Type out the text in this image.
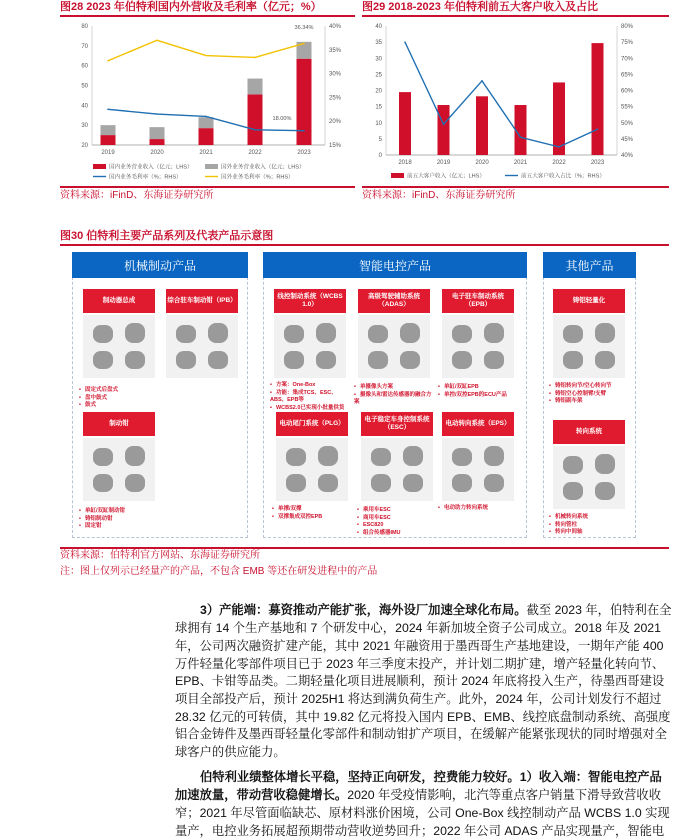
图28 2023 年伯特利国内外营收及毛利率（亿元；%）
20
30
40
50
60
70
80
15%
20%
25%
30%
35%
40%
2019	2020	2021	2022	2023
国内业务营业收入（亿元；LHS）	国外业务营业收入（亿元；LHS）
国内业务毛利率（%；RHS）	国外业务毛利率（%；RHS）
36.34%
18.00%
资料来源：iFinD、东海证券研究所
图29 2018-2023 年伯特利前五大客户收入及占比
0
5
10
15
20
25
30
35
40
40%
45%
50%
55%
60%
65%
70%
75%
80%
2018	2019	2020	2021	2022	2023
前五大客户收入（亿元；LHS）	前五大客户收入占比（%；RHS）
资料来源：iFinD、东海证券研究所
图30 伯特利主要产品系列及代表产品示意图
机械制动产品	智能电控产品	其他产品
制动器总成
• 固定式后盘式
• 盘中鼓式
• 鼓式
综合驻车制动钳（IPB）
制动钳
• 单缸/双缸制动钳
• 铸铝制动钳
• 固定钳
线控制动系统（WCBS 1.0）
• 方案：One-Box
• 功能：集成TCS、ESC、ABS、EPB等
• WCBS2.0已实现小批量供货
高级驾驶辅助系统（ADAS）
• 单摄像头方案
• 摄像头和雷达传感器的融合方案
电子驻车制动系统（EPB）
• 单缸/双缸EPB
• 单控/双控EPB的ECU产品
电动尾门系统（PLG）
• 单撑/双撑
• 双撑集成双控EPB
电子稳定车身控制系统（ESC）
• 乘用车ESC
• 商用车ESC
• ESC820
• 组合传感器IMU
电动转向系统（EPS）
• 电动助力转向系统
铸铝轻量化
• 铸铝转向节/空心转向节
• 铸铝空心控制臂/支臂
• 铸铝副车架
转向系统
• 机械转向系统
• 转向管柱
• 转向中间轴
资料来源：伯特利官方网站、东海证券研究所
注：图上仅列示已经量产的产品，不包含 EMB 等还在研发进程中的产品
3）产能端：募资推动产能扩张，海外设厂加速全球化布局。截至 2023 年，伯特利在全
球拥有 14 个生产基地和 7 个研发中心，2024 年新加坡全资子公司成立。2018 年及 2021
年，公司两次融资扩建产能，其中 2021 年融资用于墨西哥生产基地建设，一期年产能 400
万件轻量化零部件项目已于 2023 年三季度末投产，并计划二期扩建，增产轻量化转向节、
EPB、卡钳等品类。二期轻量化项目进展顺利，预计 2024 年底将投入生产，待墨西哥建设
项目全部投产后，预计 2025H1 将达到满负荷生产。此外，2024 年，公司计划发行不超过
28.32 亿元的可转债，其中 19.82 亿元将投入国内 EPB、EMB、线控底盘制动系统、高强度
铝合金铸件及墨西哥轻量化零部件和制动钳扩产项目，在缓解产能紧张现状的同时增强对全
球客户的供应能力。
伯特利业绩整体增长平稳，坚持正向研发，控费能力较好。1）收入端：智能电控产品
加速放量，带动营收稳健增长。2020 年受疫情影响，北汽等重点客户销量下滑导致营收收
窄；2021 年尽管面临缺芯、原材料涨价困境，公司 One-Box 线控制动产品 WCBS 1.0 实现
量产，电控业务拓展超预期带动营收逆势回升；2022 年公司 ADAS 产品实现量产，智能电
